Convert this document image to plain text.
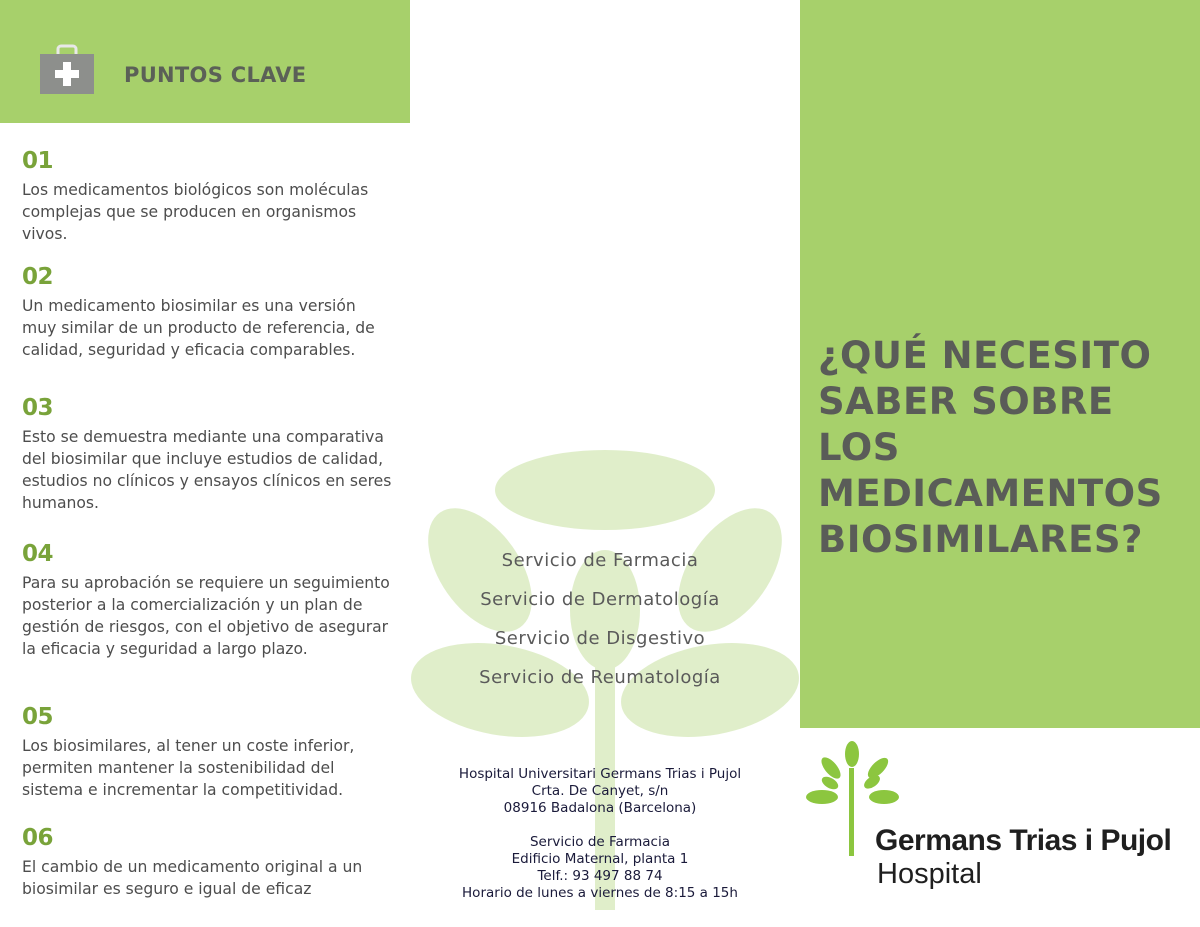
PUNTOS CLAVE
01
Los medicamentos biológicos son moléculas complejas que se producen en organismos vivos.
02
Un medicamento biosimilar es una versión muy similar de un producto de referencia, de calidad, seguridad y eficacia comparables.
03
Esto se demuestra mediante una comparativa del biosimilar que incluye estudios de calidad, estudios no clínicos y ensayos clínicos en seres humanos.
04
Para su aprobación se requiere un seguimiento posterior a la comercialización y un plan de gestión de riesgos, con el objetivo de asegurar la eficacia y seguridad a largo plazo.
05
Los biosimilares, al tener un coste inferior, permiten mantener la sostenibilidad del sistema e incrementar la competitividad.
06
El cambio de un medicamento original a un biosimilar es seguro e igual de eficaz
Servicio de Farmacia
Servicio de Dermatología
Servicio de Disgestivo
Servicio de Reumatología
Hospital Universitari Germans Trias i Pujol
Crta. De Canyet, s/n
08916 Badalona (Barcelona)
Servicio de Farmacia
Edificio Maternal, planta 1
Telf.: 93 497 88 74
Horario de lunes a viernes de 8:15 a 15h
¿QUÉ NECESITO SABER SOBRE LOS MEDICAMENTOS BIOSIMILARES?
Germans Trias i Pujol
Hospital
